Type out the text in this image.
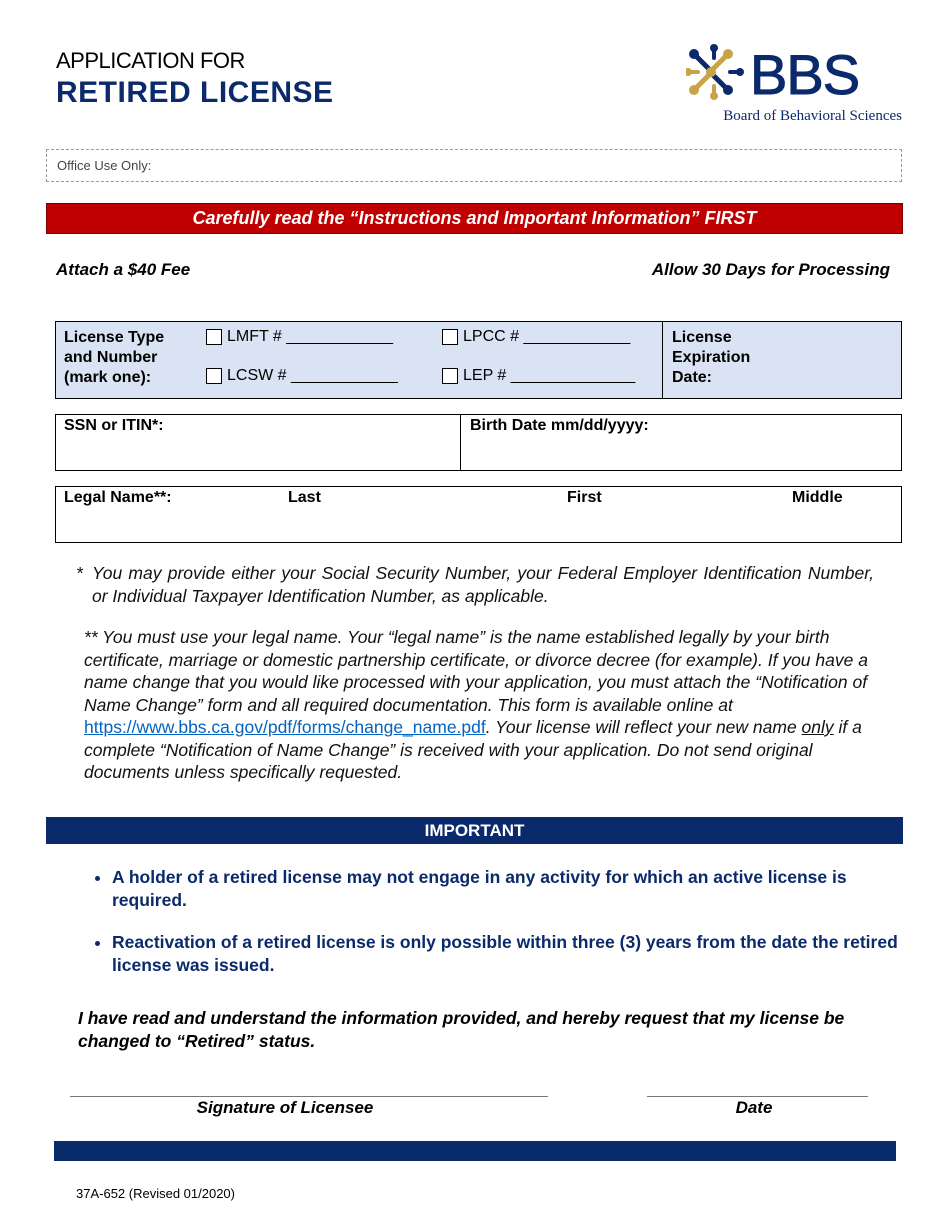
APPLICATION FOR
RETIRED LICENSE	BBS
Board of Behavioral Sciences
Office Use Only:
Carefully read the “Instructions and Important Information” FIRST
Attach a $40 Fee	Allow 30 Days for Processing
License Type
and Number
(mark one):
LMFT # ____________	LPCC # ____________
LCSW # ____________	LEP # ______________
License
Expiration
Date:
SSN or ITIN*:	Birth Date mm/dd/yyyy:
Legal Name**:	Last	First	Middle
* You may provide either your Social Security Number, your Federal Employer Identification Number, or Individual Taxpayer Identification Number, as applicable.
** You must use your legal name. Your “legal name” is the name established legally by your birth certificate, marriage or domestic partnership certificate, or divorce decree (for example). If you have a name change that you would like processed with your application, you must attach the “Notification of Name Change” form and all required documentation. This form is available online at https://www.bbs.ca.gov/pdf/forms/change_name.pdf. Your license will reflect your new name only if a complete “Notification of Name Change” is received with your application. Do not send original documents unless specifically requested.
IMPORTANT
• A holder of a retired license may not engage in any activity for which an active license is required.
• Reactivation of a retired license is only possible within three (3) years from the date the retired license was issued.
I have read and understand the information provided, and hereby request that my license be changed to “Retired” status.
Signature of Licensee	Date
37A-652 (Revised 01/2020)
